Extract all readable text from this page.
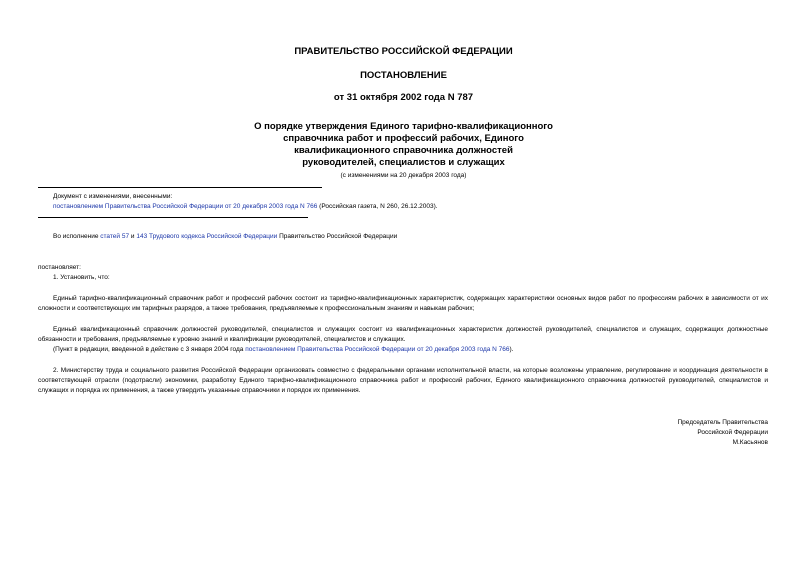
ПРАВИТЕЛЬСТВО РОССИЙСКОЙ ФЕДЕРАЦИИ
ПОСТАНОВЛЕНИЕ
от 31 октября 2002 года N 787
О порядке утверждения Единого тарифно-квалификационного
справочника работ и профессий рабочих, Единого
квалификационного справочника должностей
руководителей, специалистов и служащих
(с изменениями на 20 декабря 2003 года)
Документ с изменениями, внесенными:
постановлением Правительства Российской Федерации от 20 декабря 2003 года N 766 (Российская газета, N 260, 26.12.2003).
Во исполнение статей 57 и 143 Трудового кодекса Российской Федерации Правительство Российской Федерации
постановляет:
1. Установить, что:
Единый тарифно-квалификационный справочник работ и профессий рабочих состоит из тарифно-квалификационных характеристик, содержащих характеристики основных видов работ по профессиям рабочих в зависимости от их сложности и соответствующих им тарифных разрядов, а также требования, предъявляемые к профессиональным знаниям и навыкам рабочих;
Единый квалификационный справочник должностей руководителей, специалистов и служащих состоит из квалификационных характеристик должностей руководителей, специалистов и служащих, содержащих должностные обязанности и требования, предъявляемые к уровню знаний и квалификации руководителей, специалистов и служащих.
(Пункт в редакции, введенной в действие с 3 января 2004 года постановлением Правительства Российской Федерации от 20 декабря 2003 года N 766).
2. Министерству труда и социального развития Российской Федерации организовать совместно с федеральными органами исполнительной власти, на которые возложены управление, регулирование и координация деятельности в соответствующей отрасли (подотрасли) экономики, разработку Единого тарифно-квалификационного справочника работ и профессий рабочих, Единого квалификационного справочника должностей руководителей, специалистов и служащих и порядка их применения, а также утвердить указанные справочники и порядок их применения.
Председатель Правительства
Российской Федерации
М.Касьянов
